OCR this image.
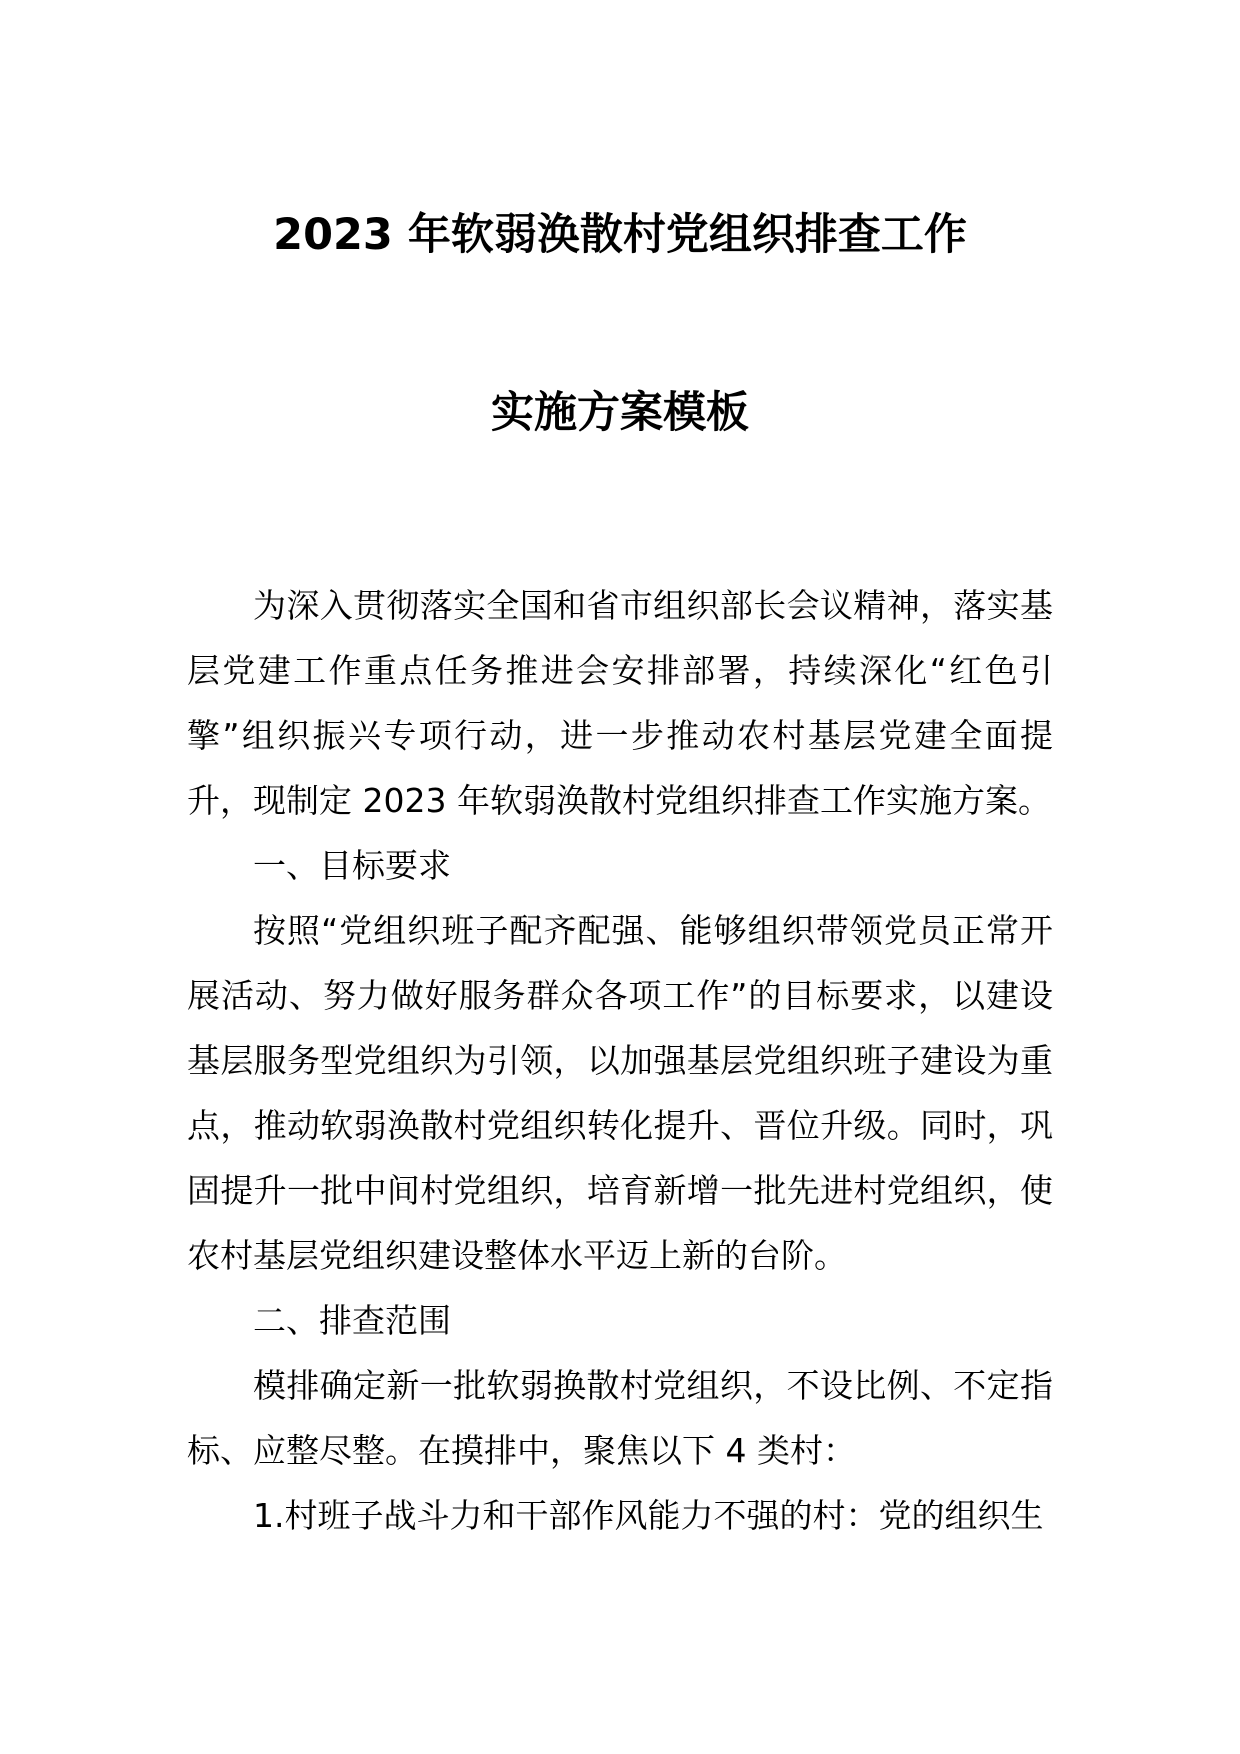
2023 年软弱涣散村党组织排查工作
实施方案模板

为深入贯彻落实全国和省市组织部长会议精神，落实基层党建工作重点任务推进会安排部署，持续深化“红色引擎”组织振兴专项行动，进一步推动农村基层党建全面提升，现制定 2023 年软弱涣散村党组织排查工作实施方案。

一、目标要求

按照“党组织班子配齐配强、能够组织带领党员正常开展活动、努力做好服务群众各项工作”的目标要求，以建设基层服务型党组织为引领，以加强基层党组织班子建设为重点，推动软弱涣散村党组织转化提升、晋位升级。同时，巩固提升一批中间村党组织，培育新增一批先进村党组织，使农村基层党组织建设整体水平迈上新的台阶。

二、排查范围

模排确定新一批软弱换散村党组织，不设比例、不定指标、应整尽整。在摸排中，聚焦以下 4 类村：

1.村班子战斗力和干部作风能力不强的村：党的组织生
